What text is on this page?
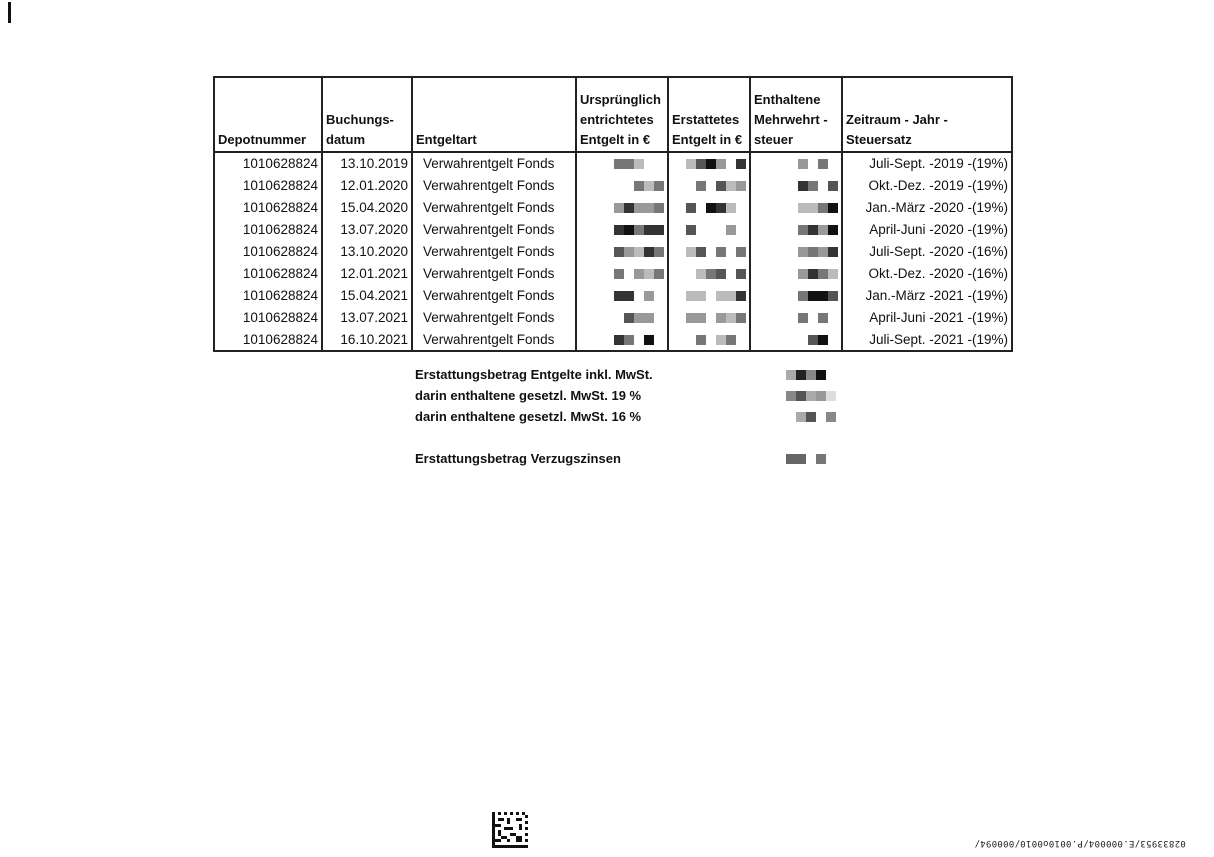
Depotnummer	Buchungs-
datum	Entgeltart	Ursprünglich
entrichtetes
Entgelt in €	Erstattetes
Entgelt in €	Enthaltene
Mehrwehrt -
steuer	Zeitraum - Jahr -
Steuersatz
1010628824	13.10.2019	Verwahrentgelt Fonds				Juli-Sept. -2019 -(19%)
1010628824	12.01.2020	Verwahrentgelt Fonds				Okt.-Dez. -2019 -(19%)
1010628824	15.04.2020	Verwahrentgelt Fonds				Jan.-März -2020 -(19%)
1010628824	13.07.2020	Verwahrentgelt Fonds				April-Juni -2020 -(19%)
1010628824	13.10.2020	Verwahrentgelt Fonds				Juli-Sept. -2020 -(16%)
1010628824	12.01.2021	Verwahrentgelt Fonds				Okt.-Dez. -2020 -(16%)
1010628824	15.04.2021	Verwahrentgelt Fonds				Jan.-März -2021 -(19%)
1010628824	13.07.2021	Verwahrentgelt Fonds				April-Juni -2021 -(19%)
1010628824	16.10.2021	Verwahrentgelt Fonds				Juli-Sept. -2021 -(19%)
Erstattungsbetrag Entgelte inkl. MwSt.
darin enthaltene gesetzl. MwSt. 19 %
darin enthaltene gesetzl. MwSt. 16 %
Erstattungsbetrag Verzugszinsen
02833953/E.000004/P.0010o0010/000094/
